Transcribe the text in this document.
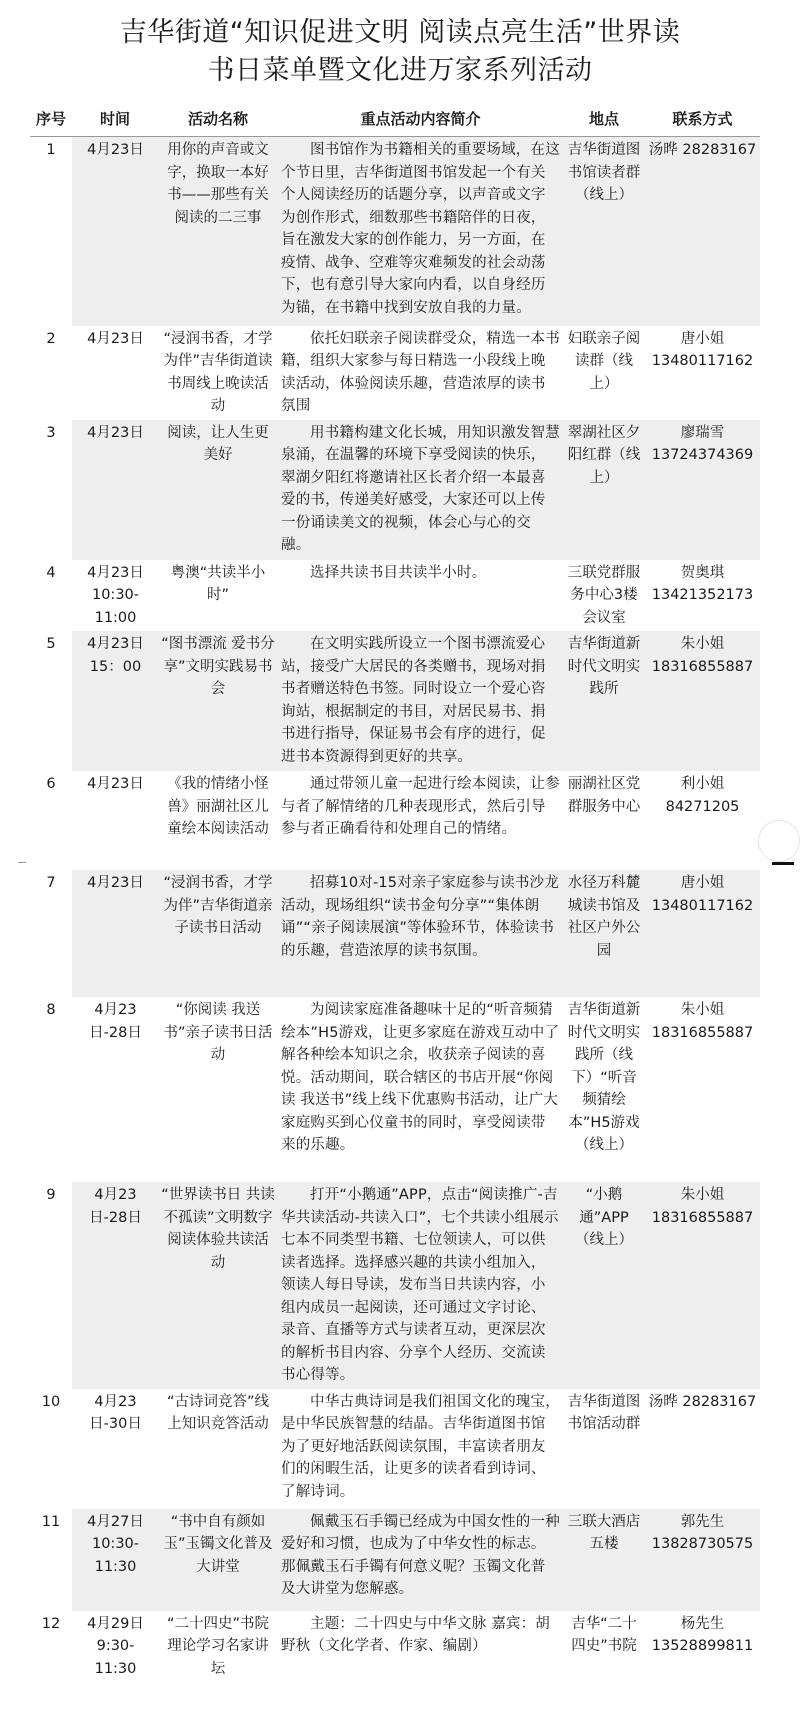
吉华街道“知识促进文明 阅读点亮生活”世界读
书日菜单暨文化进万家系列活动
序号	时间	活动名称	重点活动内容简介	地点	联系方式
1	4月23日	用你的声音或文字，换取一本好书——那些有关阅读的二三事	图书馆作为书籍相关的重要场域，在这个节日里，吉华街道图书馆发起一个有关个人阅读经历的话题分享，以声音或文字为创作形式，细数那些书籍陪伴的日夜，旨在激发大家的创作能力，另一方面，在疫情、战争、空难等灾难频发的社会动荡下，也有意引导大家向内看，以自身经历为锚，在书籍中找到安放自我的力量。	吉华街道图书馆读者群（线上）	汤晔 28283167
2	4月23日	“浸润书香，才学为伴”吉华街道读书周线上晚读活动	依托妇联亲子阅读群受众，精选一本书籍，组织大家参与每日精选一小段线上晚读活动，体验阅读乐趣，营造浓厚的读书氛围	妇联亲子阅读群（线上）	唐小姐 13480117162
3	4月23日	阅读，让人生更美好	用书籍构建文化长城，用知识激发智慧泉涌，在温馨的环境下享受阅读的快乐，翠湖夕阳红将邀请社区长者介绍一本最喜爱的书，传递美好感受，大家还可以上传一份诵读美文的视频，体会心与心的交融。	翠湖社区夕阳红群（线上）	廖瑞雪 13724374369
4	4月23日 10:30-11:00	粤澳“共读半小时”	选择共读书目共读半小时。	三联党群服务中心3楼会议室	贺奥琪 13421352173
5	4月23日 15：00	“图书漂流 爱书分享”文明实践易书会	在文明实践所设立一个图书漂流爱心站，接受广大居民的各类赠书，现场对捐书者赠送特色书签。同时设立一个爱心咨询站，根据制定的书目，对居民易书、捐书进行指导，保证易书会有序的进行，促进书本资源得到更好的共享。	吉华街道新时代文明实践所	朱小姐 18316855887
6	4月23日	《我的情绪小怪兽》丽湖社区儿童绘本阅读活动	通过带领儿童一起进行绘本阅读，让参与者了解情绪的几种表现形式，然后引导参与者正确看待和处理自己的情绪。	丽湖社区党群服务中心	利小姐 84271205
7	4月23日	“浸润书香，才学为伴”吉华街道亲子读书日活动	招募10对-15对亲子家庭参与读书沙龙活动，现场组织“读书金句分享”“集体朗诵”“亲子阅读展演”等体验环节，体验读书的乐趣，营造浓厚的读书氛围。	水径万科麓城读书馆及社区户外公园	唐小姐 13480117162
8	4月23日-28日	“你阅读 我送书”亲子读书日活动	为阅读家庭准备趣味十足的“听音频猜绘本”H5游戏，让更多家庭在游戏互动中了解各种绘本知识之余，收获亲子阅读的喜悦。活动期间，联合辖区的书店开展“你阅读 我送书”线上线下优惠购书活动，让广大家庭购买到心仪童书的同时，享受阅读带来的乐趣。	吉华街道新时代文明实践所（线下）“听音频猜绘本”H5游戏（线上）	朱小姐 18316855887
9	4月23日-28日	“世界读书日 共读不孤读”文明数字阅读体验共读活动	打开“小鹅通”APP，点击“阅读推广-吉华共读活动-共读入口”，七个共读小组展示七本不同类型书籍、七位领读人，可以供读者选择。选择感兴趣的共读小组加入，领读人每日导读，发布当日共读内容，小组内成员一起阅读，还可通过文字讨论、录音、直播等方式与读者互动，更深层次的解析书目内容、分享个人经历、交流读书心得等。	“小鹅通”APP（线上）	朱小姐 18316855887
10	4月23日-30日	“古诗词竞答”线上知识竞答活动	中华古典诗词是我们祖国文化的瑰宝，是中华民族智慧的结晶。吉华街道图书馆为了更好地活跃阅读氛围，丰富读者朋友们的闲暇生活，让更多的读者看到诗词、了解诗词。	吉华街道图书馆活动群	汤晔 28283167
11	4月27日 10:30-11:30	“书中自有颜如玉”玉镯文化普及大讲堂	佩戴玉石手镯已经成为中国女性的一种爱好和习惯，也成为了中华女性的标志。那佩戴玉石手镯有何意义呢？玉镯文化普及大讲堂为您解惑。	三联大酒店五楼	郭先生 13828730575
12	4月29日 9:30-11:30	“二十四史”书院理论学习名家讲坛	主题：二十四史与中华文脉 嘉宾：胡野秋（文化学者、作家、编剧）	吉华“二十四史”书院	杨先生 13528899811
